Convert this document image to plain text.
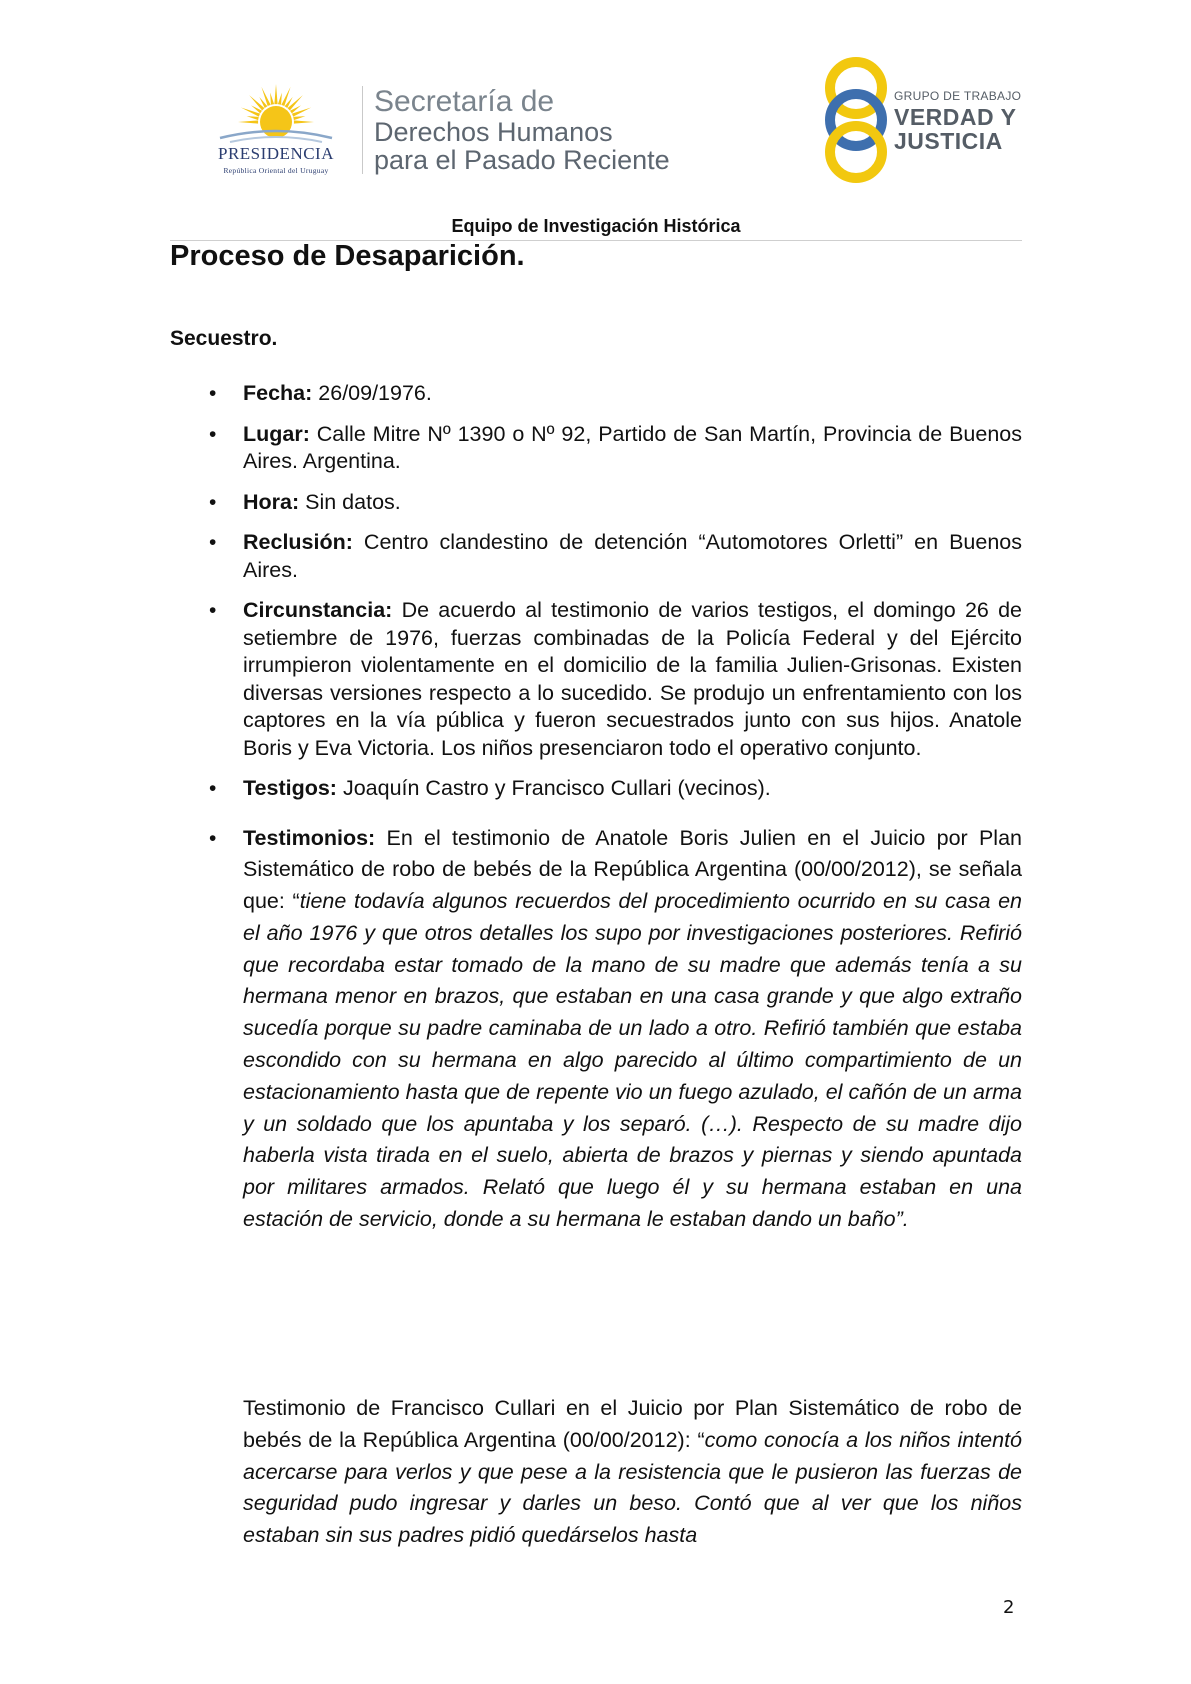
PRESIDENCIA
República Oriental del Uruguay
Secretaría de
Derechos Humanos
para el Pasado Reciente
GRUPO DE TRABAJO
VERDAD Y
JUSTICIA
Equipo de Investigación Histórica
Proceso de Desaparición.
Secuestro.
• Fecha: 26/09/1976.
• Lugar: Calle Mitre Nº 1390 o Nº 92, Partido de San Martín, Provincia de Buenos Aires. Argentina.
• Hora: Sin datos.
• Reclusión: Centro clandestino de detención “Automotores Orletti” en Buenos Aires.
• Circunstancia: De acuerdo al testimonio de varios testigos, el domingo 26 de setiembre de 1976, fuerzas combinadas de la Policía Federal y del Ejército irrumpieron violentamente en el domicilio de la familia Julien-Grisonas. Existen diversas versiones respecto a lo sucedido. Se produjo un enfrentamiento con los captores en la vía pública y fueron secuestrados junto con sus hijos. Anatole Boris y Eva Victoria. Los niños presenciaron todo el operativo conjunto.
• Testigos: Joaquín Castro y Francisco Cullari (vecinos).
• Testimonios: En el testimonio de Anatole Boris Julien en el Juicio por Plan Sistemático de robo de bebés de la República Argentina (00/00/2012), se señala que: “tiene todavía algunos recuerdos del procedimiento ocurrido en su casa en el año 1976 y que otros detalles los supo por investigaciones posteriores. Refirió que recordaba estar tomado de la mano de su madre que además tenía a su hermana menor en brazos, que estaban en una casa grande y que algo extraño sucedía porque su padre caminaba de un lado a otro. Refirió también que estaba escondido con su hermana en algo parecido al último compartimiento de un estacionamiento hasta que de repente vio un fuego azulado, el cañón de un arma y un soldado que los apuntaba y los separó. (…). Respecto de su madre dijo haberla vista tirada en el suelo, abierta de brazos y piernas y siendo apuntada por militares armados. Relató que luego él y su hermana estaban en una estación de servicio, donde a su hermana le estaban dando un baño”.
Testimonio de Francisco Cullari en el Juicio por Plan Sistemático de robo de bebés de la República Argentina (00/00/2012): “como conocía a los niños intentó acercarse para verlos y que pese a la resistencia que le pusieron las fuerzas de seguridad pudo ingresar y darles un beso. Contó que al ver que los niños estaban sin sus padres pidió quedárselos hasta
2
